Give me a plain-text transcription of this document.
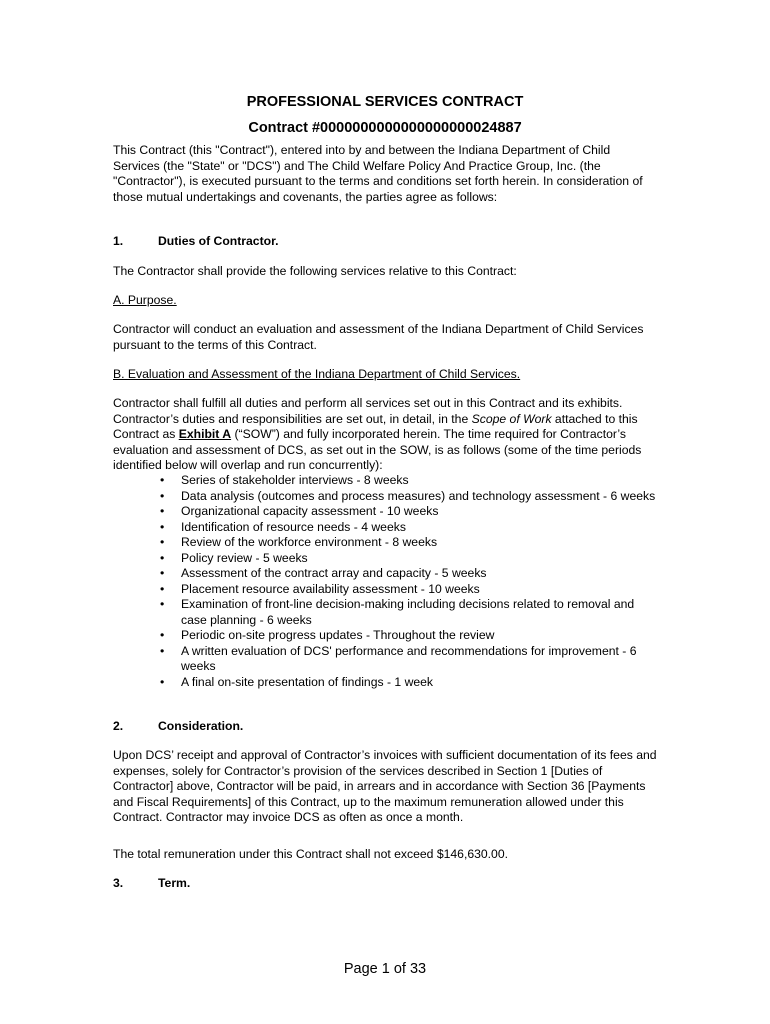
PROFESSIONAL SERVICES CONTRACT
Contract #0000000000000000000024887

This Contract (this "Contract"), entered into by and between the Indiana Department of Child Services (the "State" or "DCS") and The Child Welfare Policy And Practice Group, Inc. (the "Contractor"), is executed pursuant to the terms and conditions set forth herein. In consideration of those mutual undertakings and covenants, the parties agree as follows:

1.	Duties of Contractor.

The Contractor shall provide the following services relative to this Contract:

A. Purpose.

Contractor will conduct an evaluation and assessment of the Indiana Department of Child Services pursuant to the terms of this Contract.

B. Evaluation and Assessment of the Indiana Department of Child Services.

Contractor shall fulfill all duties and perform all services set out in this Contract and its exhibits. Contractor’s duties and responsibilities are set out, in detail, in the Scope of Work attached to this Contract as Exhibit A (“SOW”) and fully incorporated herein. The time required for Contractor’s evaluation and assessment of DCS, as set out in the SOW, is as follows (some of the time periods identified below will overlap and run concurrently):

• Series of stakeholder interviews - 8 weeks
• Data analysis (outcomes and process measures) and technology assessment - 6 weeks
• Organizational capacity assessment - 10 weeks
• Identification of resource needs - 4 weeks
• Review of the workforce environment - 8 weeks
• Policy review - 5 weeks
• Assessment of the contract array and capacity - 5 weeks
• Placement resource availability assessment - 10 weeks
• Examination of front-line decision-making including decisions related to removal and case planning - 6 weeks
• Periodic on-site progress updates - Throughout the review
• A written evaluation of DCS' performance and recommendations for improvement - 6 weeks
• A final on-site presentation of findings - 1 week
2.	Consideration.

Upon DCS’ receipt and approval of Contractor’s invoices with sufficient documentation of its fees and expenses, solely for Contractor’s provision of the services described in Section 1 [Duties of Contractor] above, Contractor will be paid, in arrears and in accordance with Section 36 [Payments and Fiscal Requirements] of this Contract, up to the maximum remuneration allowed under this Contract. Contractor may invoice DCS as often as once a month.

The total remuneration under this Contract shall not exceed $146,630.00.

3.	Term.
Page 1 of 33
